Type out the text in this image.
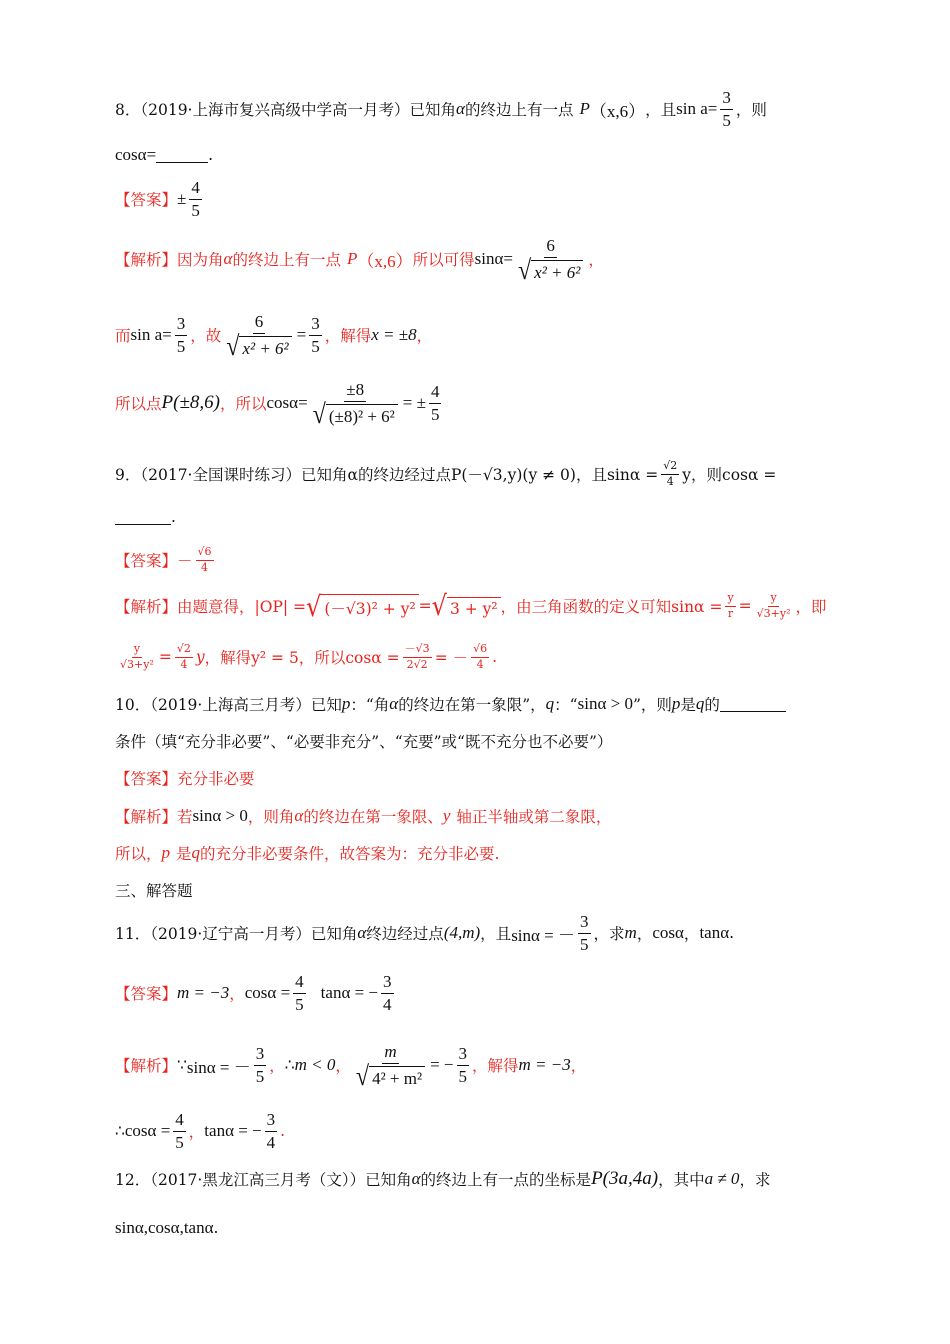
8．（2019·上海市复兴高级中学高一月考）已知角 α 的终边上有一点 P （x,6） ，且 $\sin a = \frac{3}{5}$ ，则
cosα=	.
【答案】 ± $\frac{4}{5}$
【解析】 因为角 α 的终边上有一点 P （x,6） 所以可得 $\sin\alpha = \frac{6}{\text{√ x² + 6²}}$ ，
而 $\sin a = \frac{3}{5}$ ，故 $\frac{6}{\text{√ x² + 6²}} = \frac{3}{5}$ ，解得 x = ±8 ，
所以点 P(±8,6) ，所以 $\cos\alpha = \frac{\pm 8}{\text{√ (±8)² + 6²}}$ = ± $\frac{4}{5}$
9．（2017·全国课时练习）已知角α的终边经过点P(－√3,y)(y ≠ 0)，且$\sin\alpha = \frac{√2}{4}$ y，则cosα =
.
【答案】 －
√6
4
【解析】 由题意得，|OP| = √ (－√3)² + y² = √ 3 + y² ，由三角函数的定义可知$\sin\alpha = \frac{y}{r} = \frac{y}{\text{√3+y²}}$ ，即
$\frac{y}{\text{√3+y²}} = \frac{√2}{4}$ y ，解得y² = 5，所以$\cos\alpha = \frac{-√3}{2√2}$ = －
√6
4 .
10．（2019·上海高三月考）已知 p ：“角 α 的终边在第一象限”， q ：“ sinα > 0 ”，则 p 是 q 的
条件（填“充分非必要”、“必要非充分”、“充要”或“既不充分也不必要”）
【答案】 充分非必要
【解析】 若 sinα > 0 ，则角 α 的终边在第一象限、 y 轴正半轴或第二象限，
所以， p 是 q 的充分非必要条件，故答案为：充分非必要.
三、解答题
11．（2019·辽宁高一月考）已知角 α 终边经过点 (4,m) ，且 sinα = －
3
5
，求 m ， cosα ， tanα .
【答案】 m = −3 ， $\cos\alpha = \frac{4}{5}$ tanα = − $\frac{3}{4}$
【解析】 ∵ sinα = －
3
5
， ∴ m < 0 ， $\frac{m}{\text{√ 4² + m²}}$ = − $\frac{3}{5}$ ，解得 m = −3 ，
∴ $\cos\alpha = \frac{4}{5}$ ， tanα = − $\frac{3}{4}$ .
12．（2017·黑龙江高三月考（文））已知角 α 的终边上有一点的坐标是 P(3a,4a) ，其中 a ≠ 0 ，求
sinα,cosα,tanα .
